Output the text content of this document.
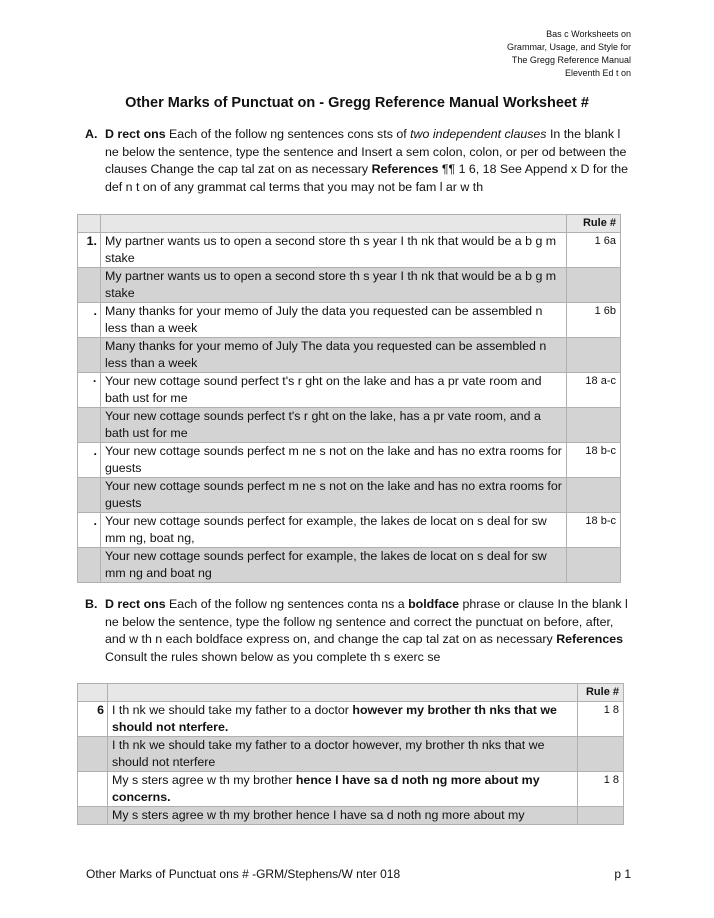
Bas c Worksheets on
Grammar, Usage, and Style for
The Gregg Reference Manual
Eleventh Ed t on
Other Marks of Punctuat on - Gregg Reference Manual Worksheet #
A. D rect ons Each of the follow ng sentences cons sts of two independent clauses In the blank l ne below the sentence, type the sentence and Insert a sem colon, colon, or per od between the clauses Change the cap tal zat on as necessary References ¶¶ 1 6, 18 See Append x D for the def n t on of any grammat cal terms that you may not be fam l ar w th
		Rule #
1.	My partner wants us to open a second store th s year I th nk that would be a b g m stake	1 6a
	My partner wants us to open a second store th s year I th nk that would be a b g m stake	
.	Many thanks for your memo of July the data you requested can be assembled n less than a week	1 6b
	Many thanks for your memo of July The data you requested can be assembled n less than a week	
·	Your new cottage sound perfect t's r ght on the lake and has a pr vate room and bath ust for me	18 a-c
	Your new cottage sounds perfect t's r ght on the lake, has a pr vate room, and a bath ust for me	
.	Your new cottage sounds perfect m ne s not on the lake and has no extra rooms for guests	18 b-c
	Your new cottage sounds perfect m ne s not on the lake and has no extra rooms for guests	
.	Your new cottage sounds perfect for example, the lakes de locat on s deal for sw mm ng, boat ng,	18 b-c
	Your new cottage sounds perfect for example, the lakes de locat on s deal for sw mm ng and boat ng	
B. D rect ons Each of the follow ng sentences conta ns a boldface phrase or clause In the blank l ne below the sentence, type the follow ng sentence and correct the punctuat on before, after, and w th n each boldface express on, and change the cap tal zat on as necessary References Consult the rules shown below as you complete th s exerc se
		Rule #
6	I th nk we should take my father to a doctor however my brother th nks that we should not nterfere.	1 8
	I th nk we should take my father to a doctor however, my brother th nks that we should not nterfere	
	My s sters agree w th my brother hence I have sa d noth ng more about my concerns.	1 8
	My s sters agree w th my brother hence I have sa d noth ng more about my	
Other Marks of Punctuat ons # -GRM/Stephens/W nter 018	p 1
